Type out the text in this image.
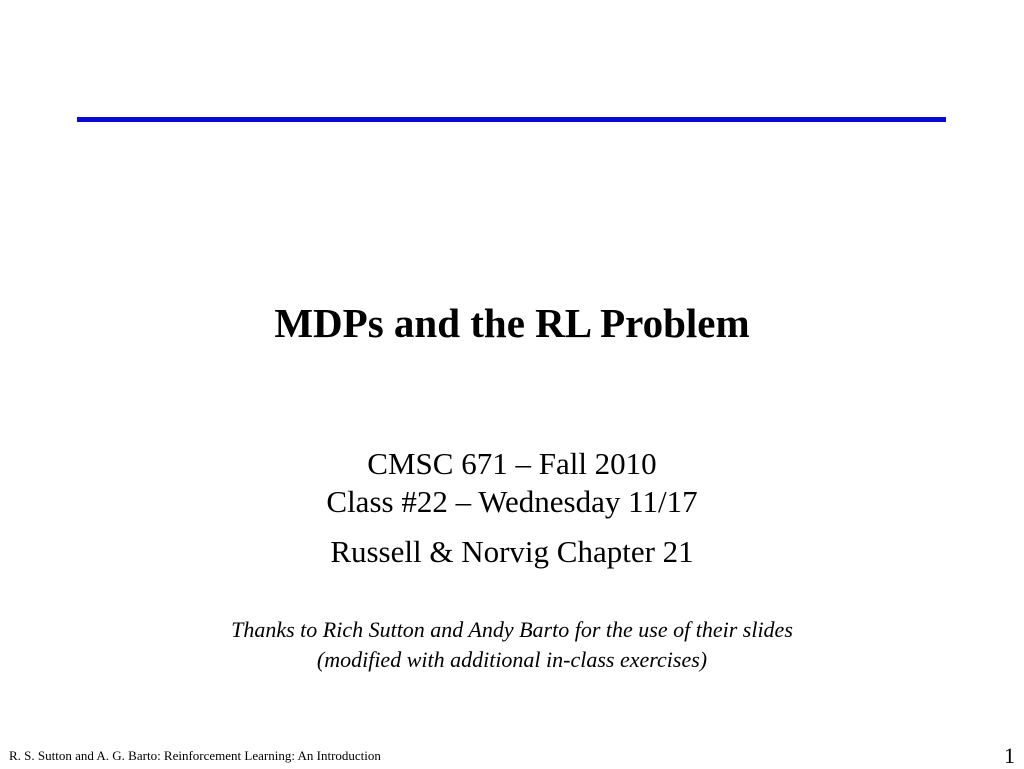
MDPs and the RL Problem
CMSC 671 – Fall 2010
Class #22 – Wednesday 11/17
Russell & Norvig Chapter 21
Thanks to Rich Sutton and Andy Barto for the use of their slides
(modified with additional in-class exercises)
R. S. Sutton and A. G. Barto: Reinforcement Learning: An Introduction	1
